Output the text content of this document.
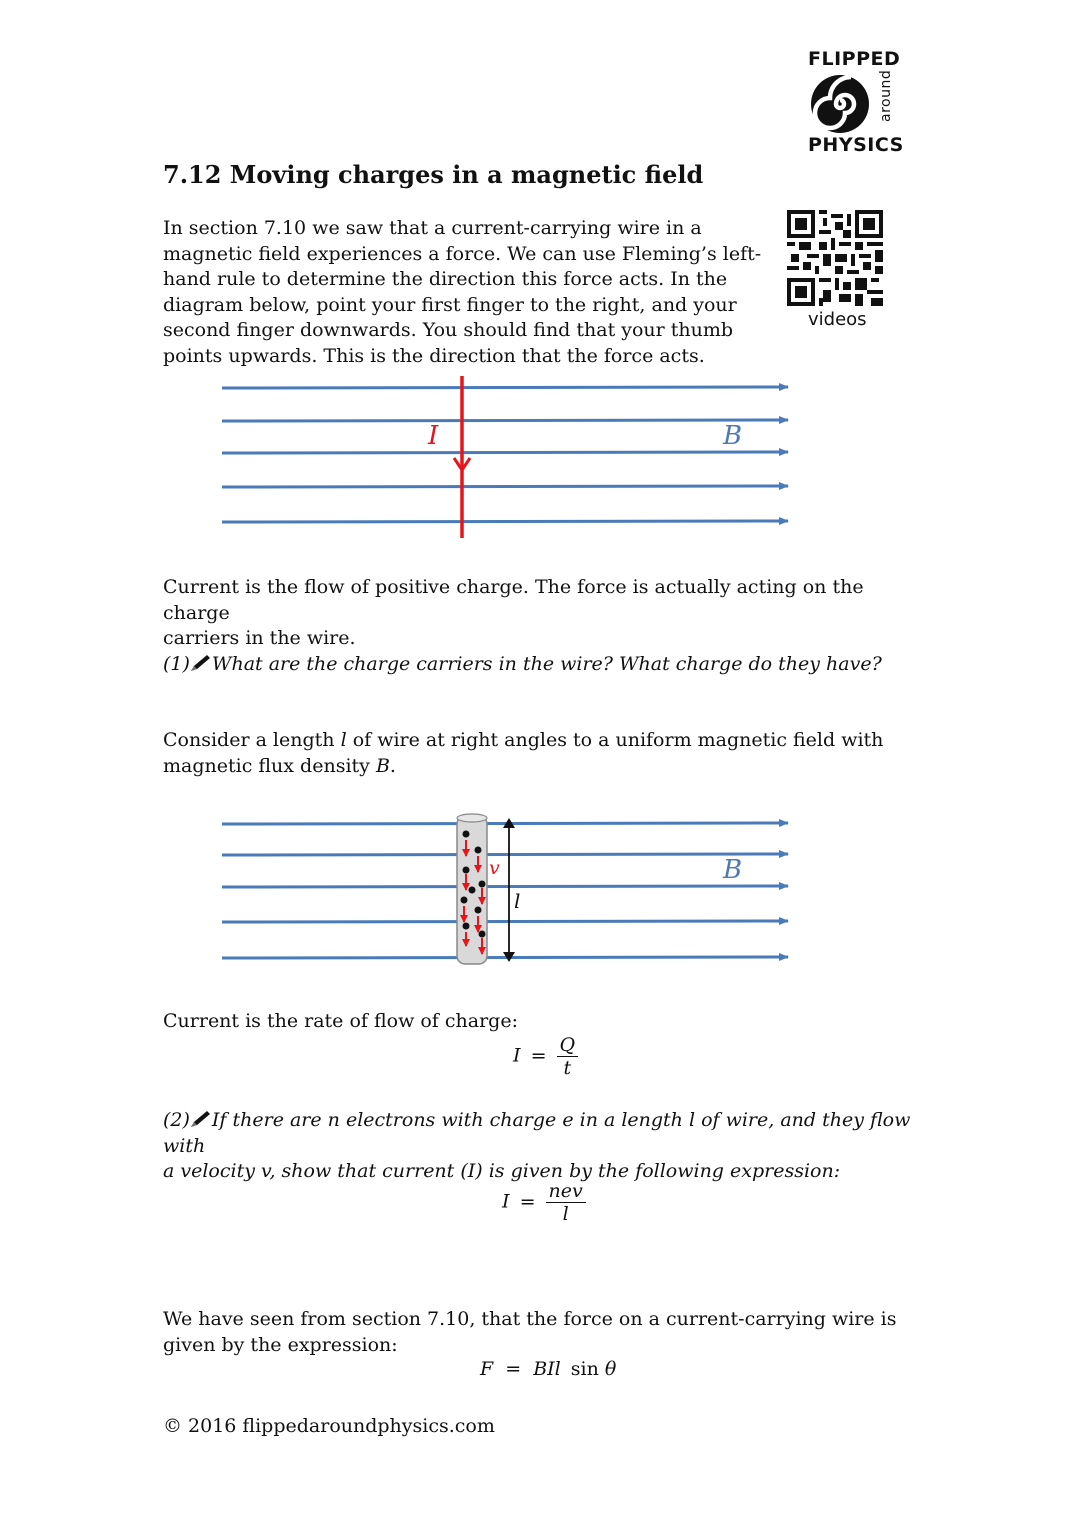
FLIPPED
around
PHYSICS
7.12 Moving charges in a magnetic field
In section 7.10 we saw that a current-carrying wire in a
magnetic field experiences a force. We can use Fleming’s left-
hand rule to determine the direction this force acts. In the
diagram below, point your first finger to the right, and your
second finger downwards. You should find that your thumb
points upwards. This is the direction that the force acts.
videos
I	B
Current is the flow of positive charge. The force is actually acting on the charge
carriers in the wire.
(1) What are the charge carriers in the wire? What charge do they have?
Consider a length l of wire at right angles to a uniform magnetic field with
magnetic flux density B.
v
l
B
Current is the rate of flow of charge:
$I = \frac{Q}{t}$
(2) If there are n electrons with charge e in a length l of wire, and they flow with
a velocity v, show that current (I) is given by the following expression:
$I = \frac{\text{nev}}{l}$
We have seen from section 7.10, that the force on a current-carrying wire is
given by the expression:
F = BIl sin θ
© 2016 flippedaroundphysics.com
